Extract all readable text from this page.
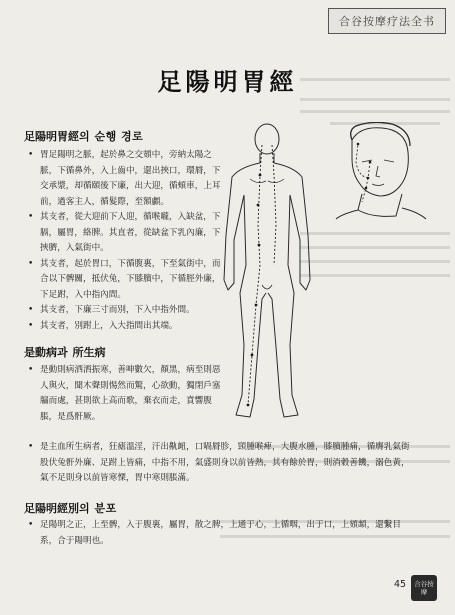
合谷按摩疗法全书
足陽明胃經
足陽明胃經의 순행 경로
• 胃足陽明之脈，起於鼻之交頞中，旁納太陽之脈，下循鼻外，入上齒中，還出挾口，環脣，下交承漿，却循頤後下廉，出大迎，循頰車，上耳前，過客主人，循髮際，至額顱。
• 其支者，從大迎前下人迎，循喉嚨，入缺盆，下膈，屬胃，絡脾。其直者，從缺盆下乳內廉，下挾臍，入氣街中。
• 其支者，起於胃口，下循腹裏，下至氣街中，而合以下髀關，抵伏兔，下膝臏中，下循脛外廉，下足跗，入中指內間。
• 其支者，下廉三寸而別，下入中指外間。
• 其支者，別跗上，入大指間出其端。
是動病과 所生病
• 是動則病洒洒振寒，善呻數欠，顏黑，病至則惡人與火，聞木聲則惕然而驚，心欲動，獨閉戶塞牖而處，甚則欲上高而歌，棄衣而走，賁響腹脹，是爲骭厥。
• 是主血所生病者，狂瘧溫淫，汗出鼽衄，口喎脣胗，頸腫喉痺，大腹水腫，膝臏腫痛，循膺乳氣街股伏兔骭外廉、足跗上皆痛，中指不用，氣盛則身以前皆熱，其有餘於胃，則消穀善饑，溺色黃，氣不足則身以前皆寒慄，胃中寒則脹滿。
足陽明經別의 분포
• 足陽明之正，上至髀，入于腹裏，屬胃，散之脾，上通于心，上循咽，出于口，上頞䪼，還繫目系，合于陽明也。
45 合谷按摩
